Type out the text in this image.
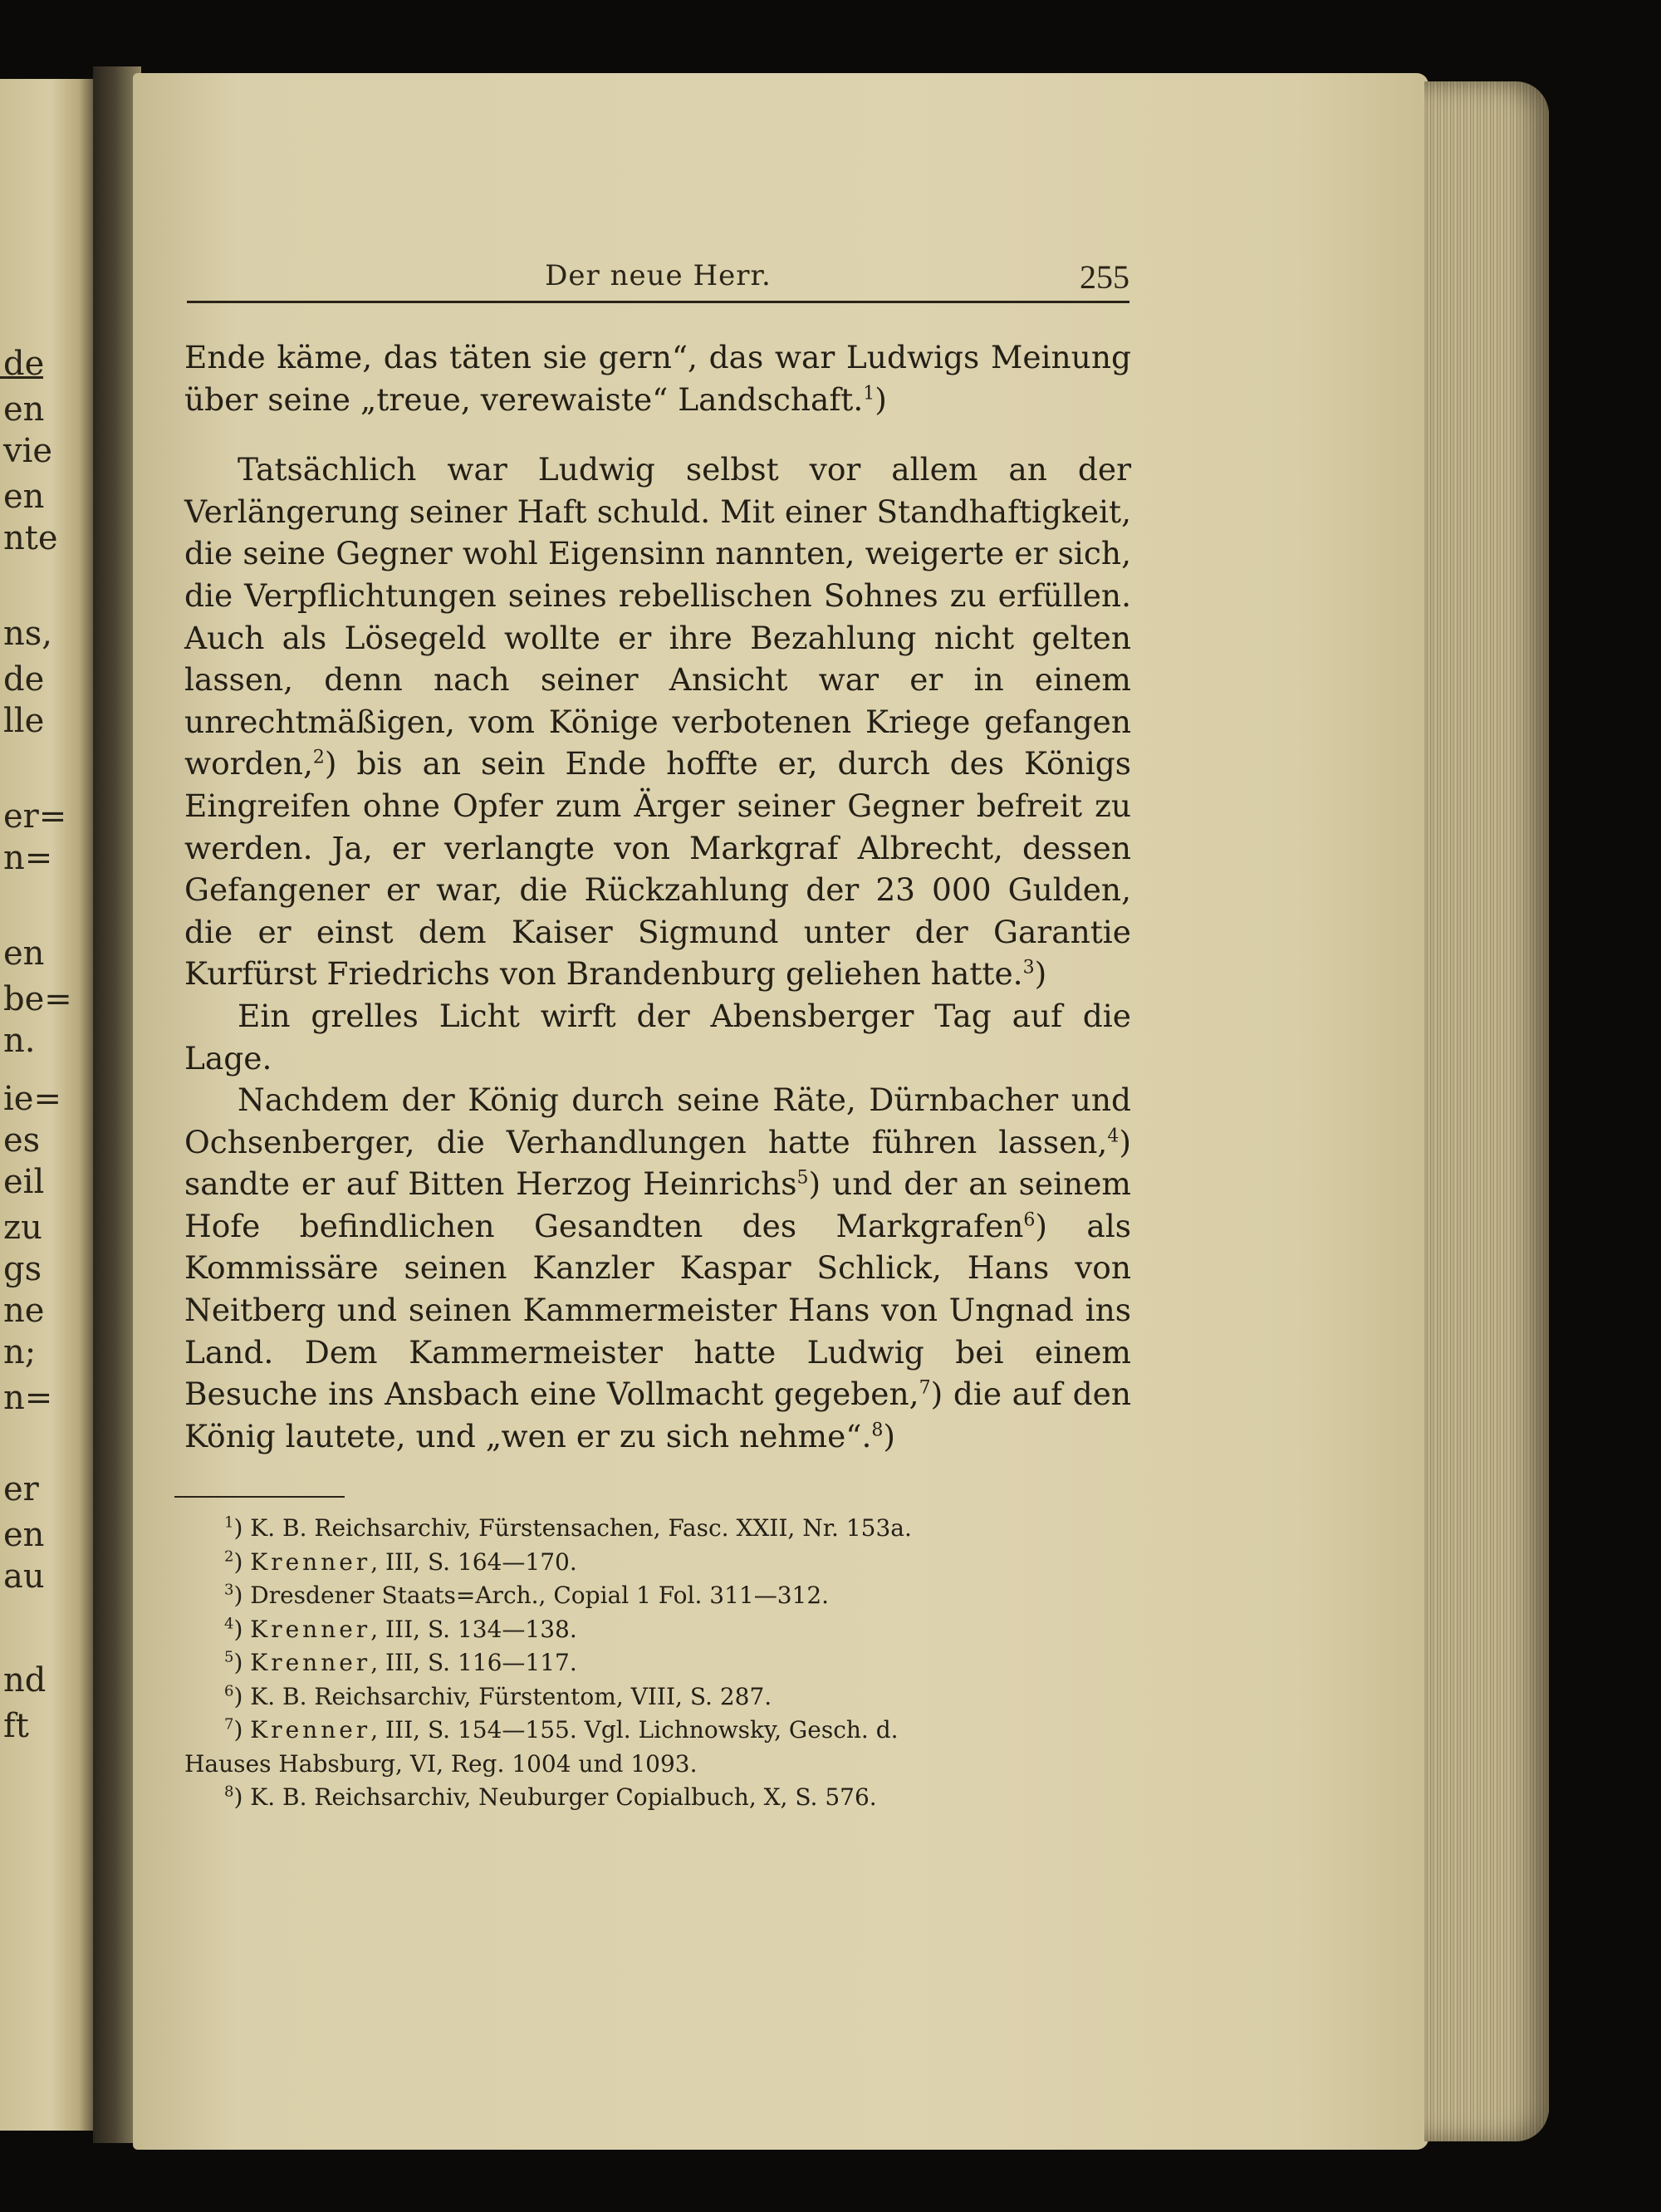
de
en
vie
en
nte
ns,
de
lle
er=
n=
en
be=
n.
ie=
es
eil
zu
gs
ne
n;
n=
er
en
au
nd
ft
Der neue Herr.	255

Ende käme, das täten sie gern“, das war Ludwigs Meinung über seine „treue, verewaiste“ Landschaft.$^1$)

Tatsächlich war Ludwig selbst vor allem an der Verlängerung seiner Haft schuld. Mit einer Standhaftigkeit, die seine Gegner wohl Eigensinn nannten, weigerte er sich, die Verpflichtungen seines rebellischen Sohnes zu erfüllen. Auch als Lösegeld wollte er ihre Bezahlung nicht gelten lassen, denn nach seiner Ansicht war er in einem unrechtmäßigen, vom Könige verbotenen Kriege gefangen worden,$^2$) bis an sein Ende hoffte er, durch des Königs Eingreifen ohne Opfer zum Ärger seiner Gegner befreit zu werden. Ja, er verlangte von Markgraf Albrecht, dessen Gefangener er war, die Rückzahlung der 23 000 Gulden, die er einst dem Kaiser Sigmund unter der Garantie Kurfürst Friedrichs von Brandenburg geliehen hatte.$^3$)

Ein grelles Licht wirft der Abensberger Tag auf die Lage.

Nachdem der König durch seine Räte, Dürnbacher und Ochsenberger, die Verhandlungen hatte führen lassen,$^4$) sandte er auf Bitten Herzog Heinrichs$^5$) und der an seinem Hofe befindlichen Gesandten des Markgrafen$^6$) als Kommissäre seinen Kanzler Kaspar Schlick, Hans von Neitberg und seinen Kammermeister Hans von Ungnad ins Land. Dem Kammermeister hatte Ludwig bei einem Besuche ins Ansbach eine Vollmacht gegeben,$^7$) die auf den König lautete, und „wen er zu sich nehme“.$^8$)

$^1$) K. B. Reichsarchiv, Fürstensachen, Fasc. XXII, Nr. 153a.

$^2$) Krenner, III, S. 164—170.

$^3$) Dresdener Staats=Arch., Copial 1 Fol. 311—312.

$^4$) Krenner, III, S. 134—138.

$^5$) Krenner, III, S. 116—117.

$^6$) K. B. Reichsarchiv, Fürstentom, VIII, S. 287.

$^7$) Krenner, III, S. 154—155. Vgl. Lichnowsky, Gesch. d.

Hauses Habsburg, VI, Reg. 1004 und 1093.

$^8$) K. B. Reichsarchiv, Neuburger Copialbuch, X, S. 576.
